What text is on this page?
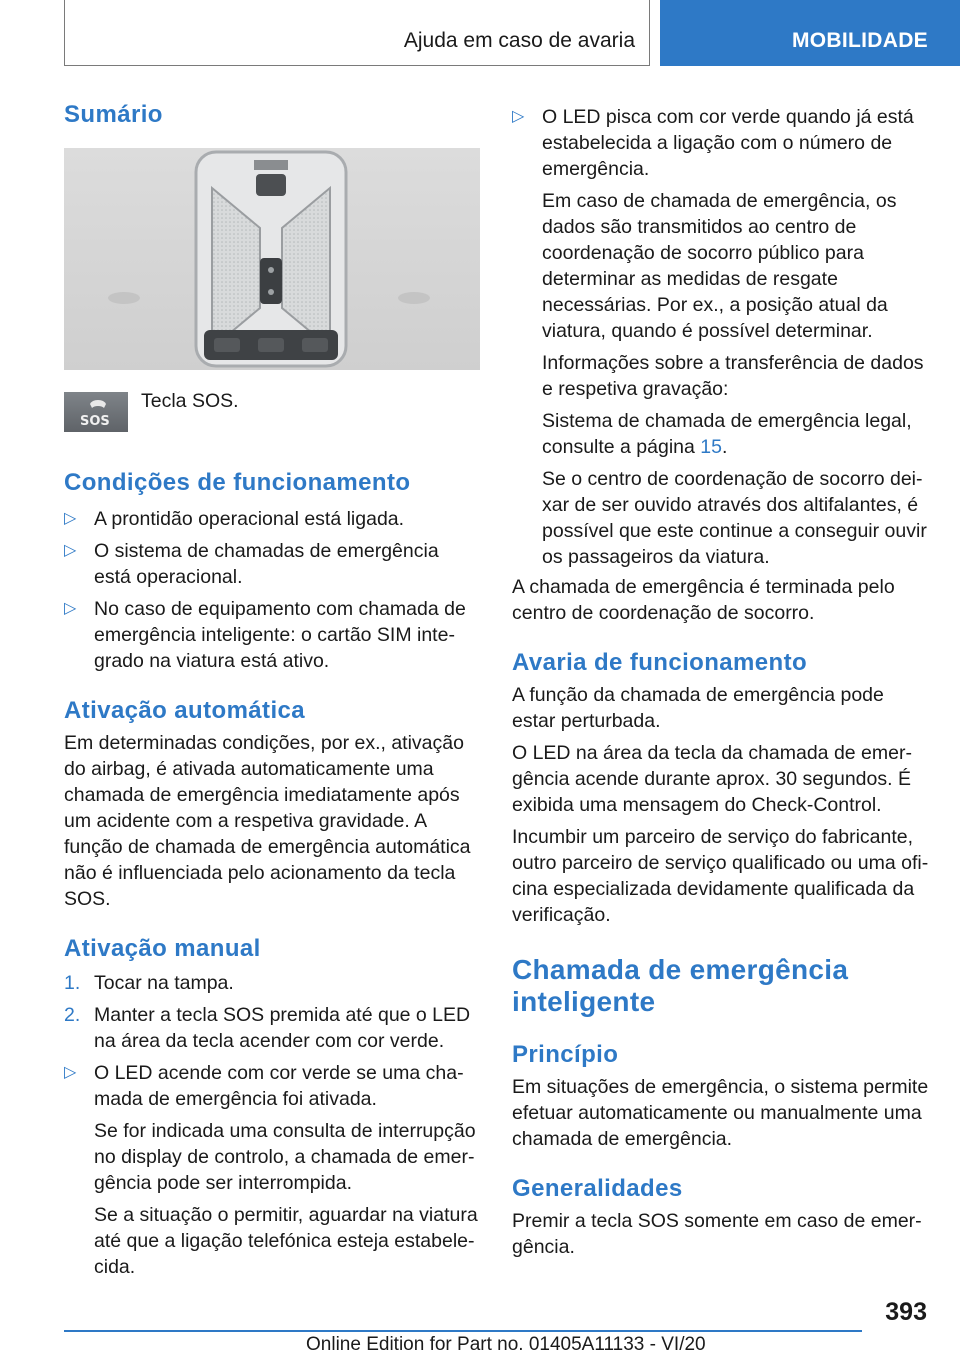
Ajuda em caso de avaria	MOBILIDADE
Sumário
SOS

Tecla SOS.

Condições de funcionamento
▷ A prontidão operacional está ligada.
▷ O sistema de chamadas de emergência está operacional.
▷ No caso de equipamento com chamada de emergência inteligente: o cartão SIM integrado na viatura está ativo.
Ativação automática

Em determinadas condições, por ex., ativação do airbag, é ativada automaticamente uma chamada de emergência imediatamente após um acidente com a respetiva gravidade. A função de chamada de emergência automática não é influenciada pelo acionamento da tecla SOS.

Ativação manual
1. Tocar na tampa.
2. Manter a tecla SOS premida até que o LED na área da tecla acender com cor verde.
▷ O LED acende com cor verde se uma chamada de emergência foi ativada.

Se for indicada uma consulta de interrupção no display de controlo, a chamada de emergência pode ser interrompida.

Se a situação o permitir, aguardar na viatura até que a ligação telefónica esteja estabelecida.

▷ O LED pisca com cor verde quando já está estabelecida a ligação com o número de emergência.

Em caso de chamada de emergência, os dados são transmitidos ao centro de coordenação de socorro público para determinar as medidas de resgate necessárias. Por ex., a posição atual da viatura, quando é possível determinar.

Informações sobre a transferência de dados e respetiva gravação:

Sistema de chamada de emergência legal, consulte a página 15.

Se o centro de coordenação de socorro deixar de ser ouvido através dos altifalantes, é possível que este continue a conseguir ouvir os passageiros da viatura.

A chamada de emergência é terminada pelo centro de coordenação de socorro.

Avaria de funcionamento

A função da chamada de emergência pode estar perturbada.

O LED na área da tecla da chamada de emergência acende durante aprox. 30 segundos. É exibida uma mensagem do Check-Control.

Incumbir um parceiro de serviço do fabricante, outro parceiro de serviço qualificado ou uma oficina especializada devidamente qualificada da verificação.

Chamada de emergência inteligente
Princípio

Em situações de emergência, o sistema permite efetuar automaticamente ou manualmente uma chamada de emergência.

Generalidades

Premir a tecla SOS somente em caso de emergência.

393
Online Edition for Part no. 01405A11133 - VI/20
